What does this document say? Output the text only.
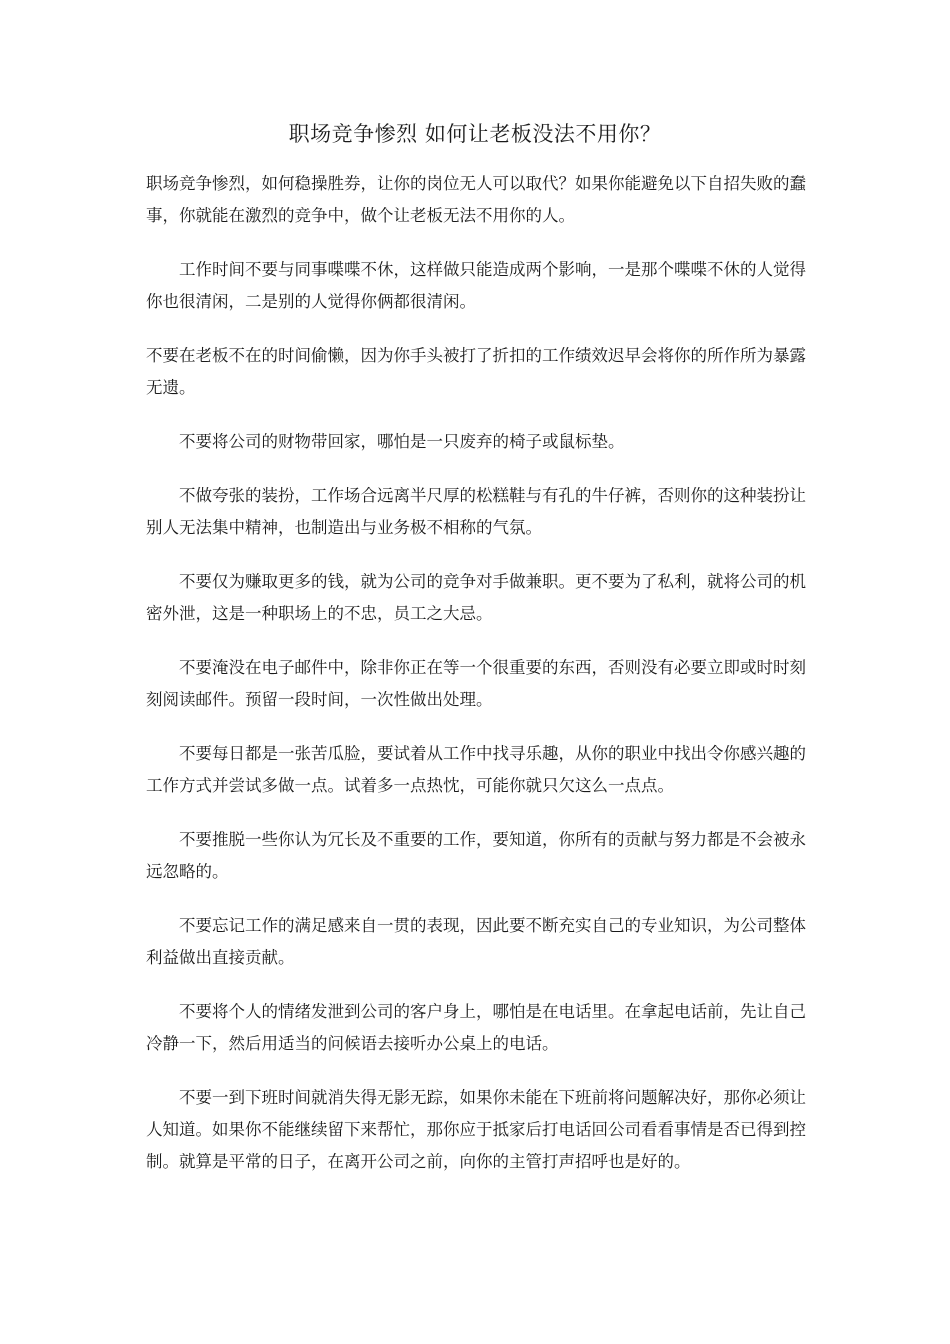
职场竞争惨烈 如何让老板没法不用你？

职场竞争惨烈，如何稳操胜券，让你的岗位无人可以取代？如果你能避免以下自招失败的蠢事，你就能在激烈的竞争中，做个让老板无法不用你的人。

工作时间不要与同事喋喋不休，这样做只能造成两个影响，一是那个喋喋不休的人觉得你也很清闲，二是别的人觉得你俩都很清闲。

不要在老板不在的时间偷懒，因为你手头被打了折扣的工作绩效迟早会将你的所作所为暴露无遗。

不要将公司的财物带回家，哪怕是一只废弃的椅子或鼠标垫。

不做夸张的装扮，工作场合远离半尺厚的松糕鞋与有孔的牛仔裤，否则你的这种装扮让别人无法集中精神，也制造出与业务极不相称的气氛。

不要仅为赚取更多的钱，就为公司的竞争对手做兼职。更不要为了私利，就将公司的机密外泄，这是一种职场上的不忠，员工之大忌。

不要淹没在电子邮件中，除非你正在等一个很重要的东西，否则没有必要立即或时时刻刻阅读邮件。预留一段时间，一次性做出处理。

不要每日都是一张苦瓜脸，要试着从工作中找寻乐趣，从你的职业中找出令你感兴趣的工作方式并尝试多做一点。试着多一点热忱，可能你就只欠这么一点点。

不要推脱一些你认为冗长及不重要的工作，要知道，你所有的贡献与努力都是不会被永远忽略的。

不要忘记工作的满足感来自一贯的表现，因此要不断充实自己的专业知识，为公司整体利益做出直接贡献。

不要将个人的情绪发泄到公司的客户身上，哪怕是在电话里。在拿起电话前，先让自己冷静一下，然后用适当的问候语去接听办公桌上的电话。

不要一到下班时间就消失得无影无踪，如果你未能在下班前将问题解决好，那你必须让人知道。如果你不能继续留下来帮忙，那你应于抵家后打电话回公司看看事情是否已得到控制。就算是平常的日子，在离开公司之前，向你的主管打声招呼也是好的。
